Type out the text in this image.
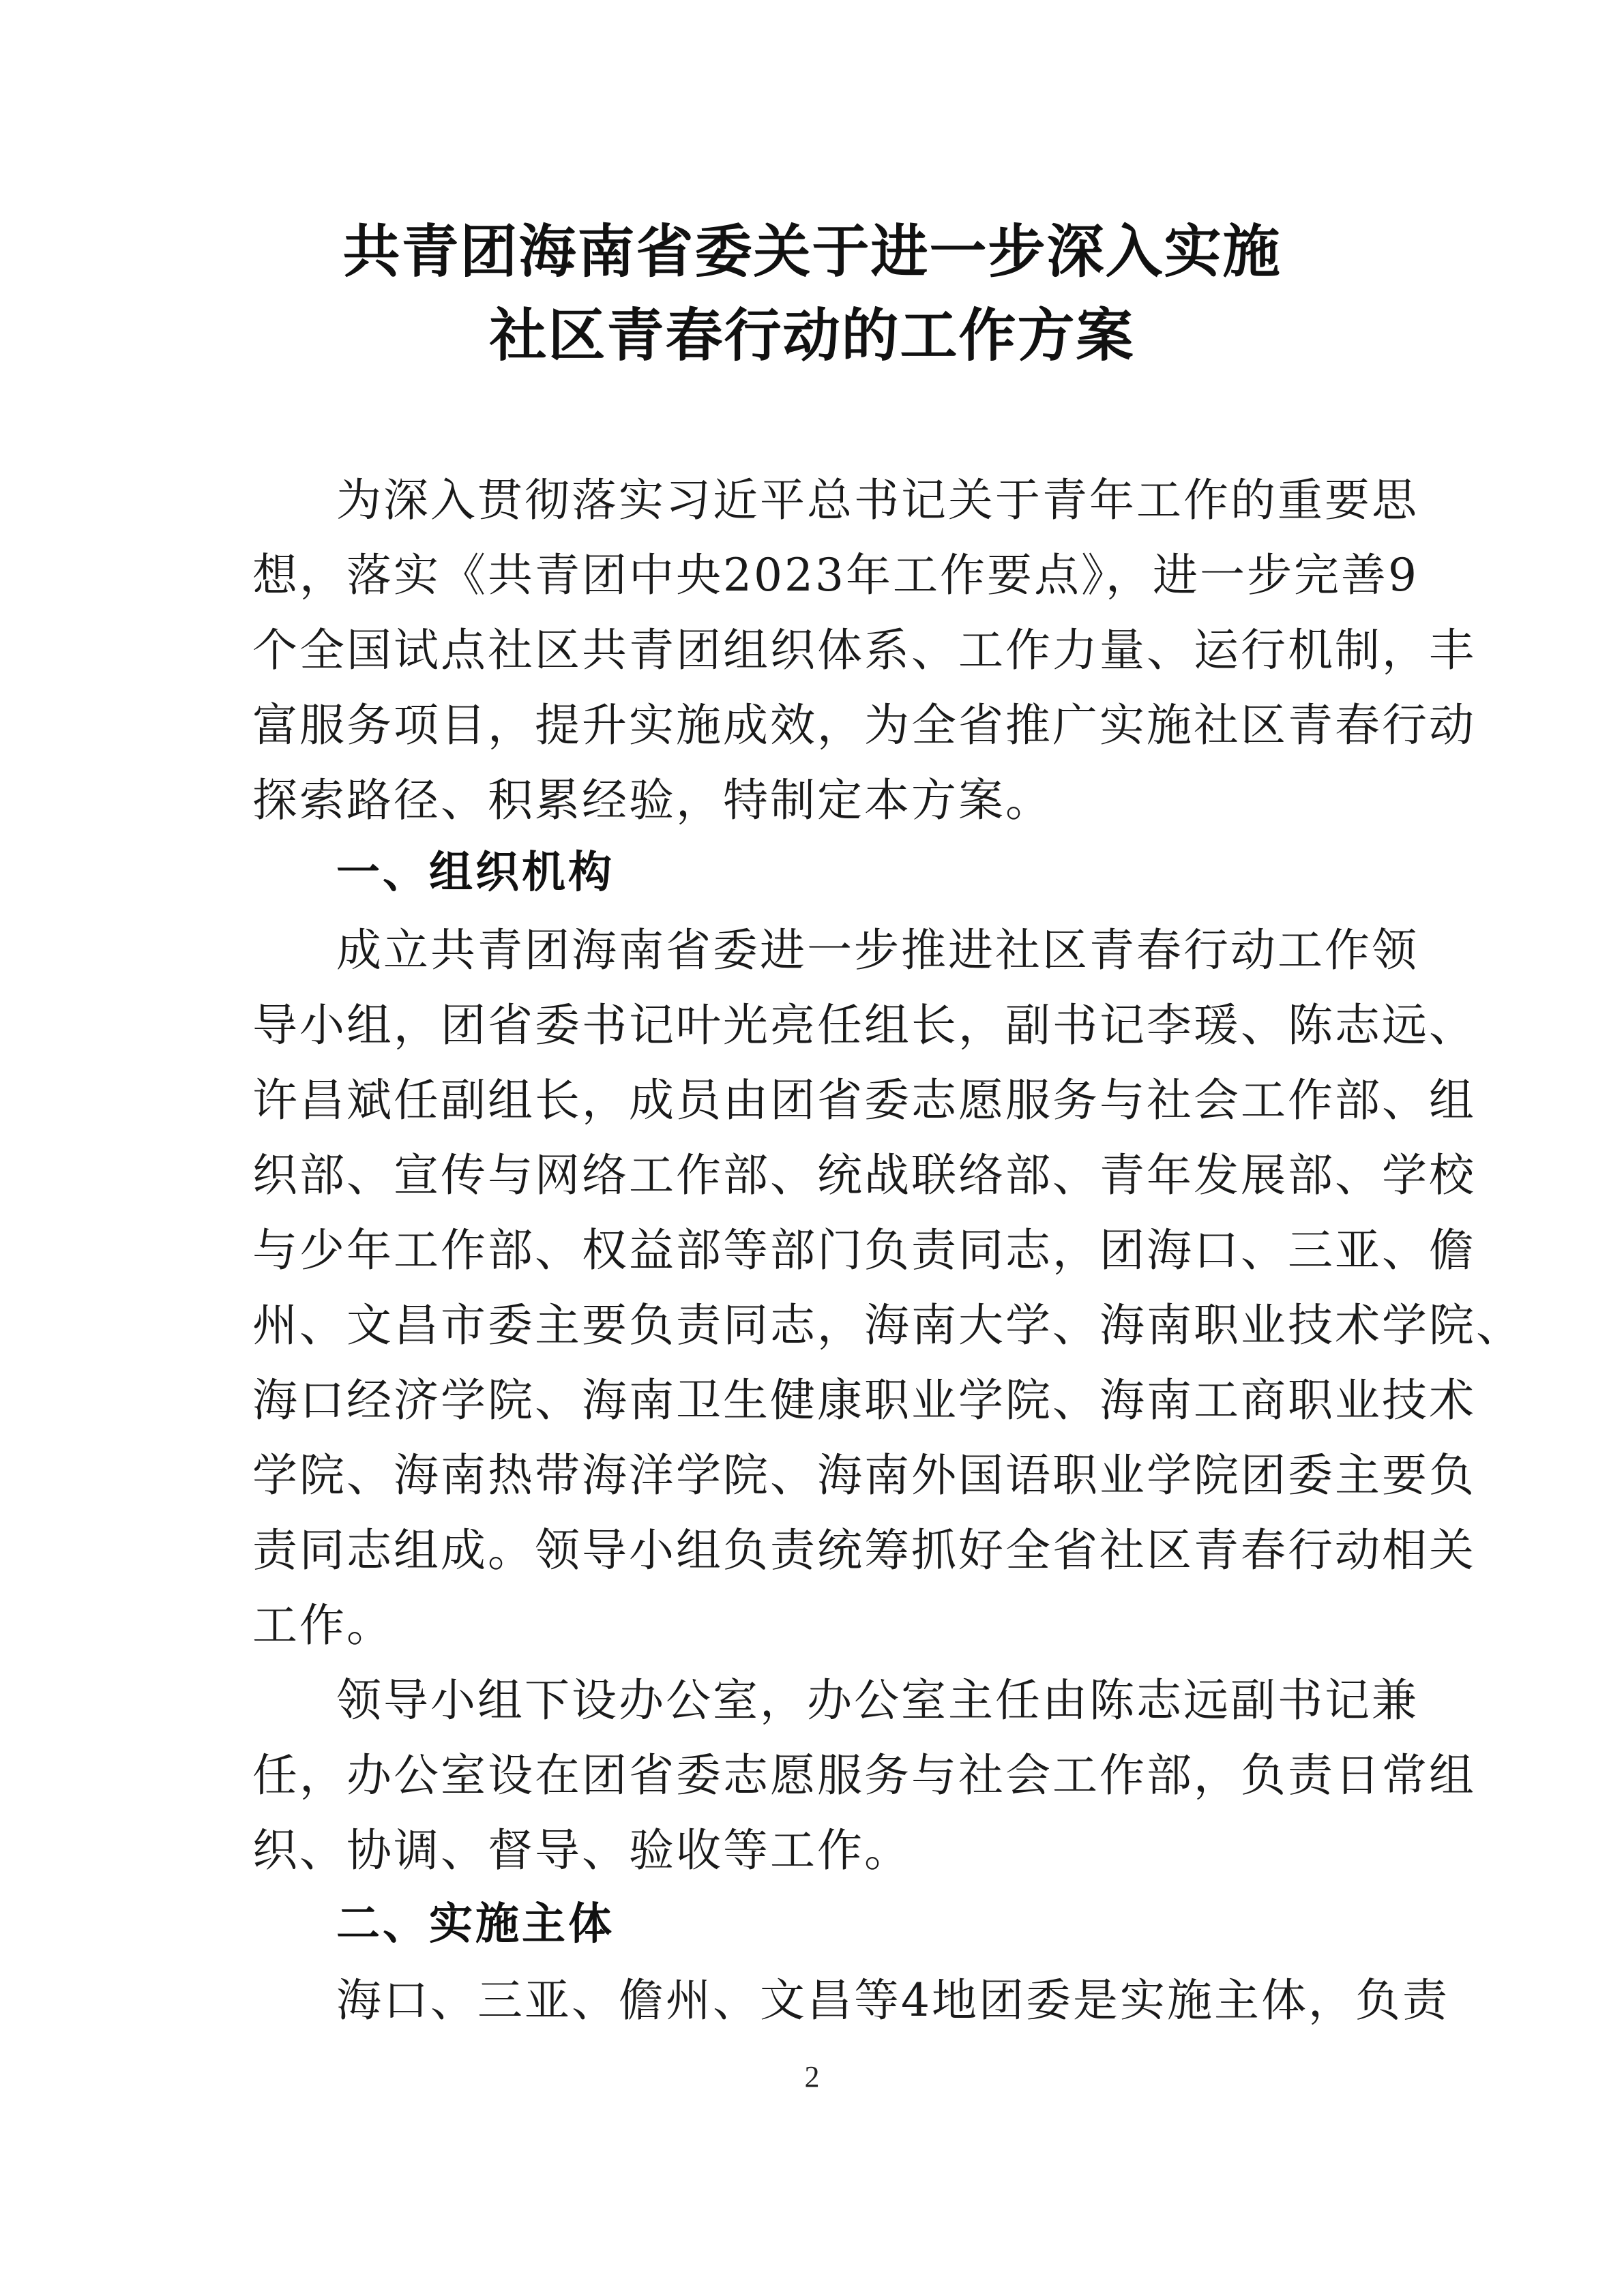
共青团海南省委关于进一步深入实施
社区青春行动的工作方案
为深入贯彻落实习近平总书记关于青年工作的重要思
想，落实《共青团中央2023年工作要点》，进一步完善9
个全国试点社区共青团组织体系、工作力量、运行机制，丰
富服务项目，提升实施成效，为全省推广实施社区青春行动
探索路径、积累经验，特制定本方案。
一、组织机构
成立共青团海南省委进一步推进社区青春行动工作领
导小组，团省委书记叶光亮任组长，副书记李瑗、陈志远、
许昌斌任副组长，成员由团省委志愿服务与社会工作部、组
织部、宣传与网络工作部、统战联络部、青年发展部、学校
与少年工作部、权益部等部门负责同志，团海口、三亚、儋
州、文昌市委主要负责同志，海南大学、海南职业技术学院、
海口经济学院、海南卫生健康职业学院、海南工商职业技术
学院、海南热带海洋学院、海南外国语职业学院团委主要负
责同志组成。领导小组负责统筹抓好全省社区青春行动相关
工作。
领导小组下设办公室，办公室主任由陈志远副书记兼
任，办公室设在团省委志愿服务与社会工作部，负责日常组
织、协调、督导、验收等工作。
二、实施主体
海口、三亚、儋州、文昌等4地团委是实施主体，负责
2
